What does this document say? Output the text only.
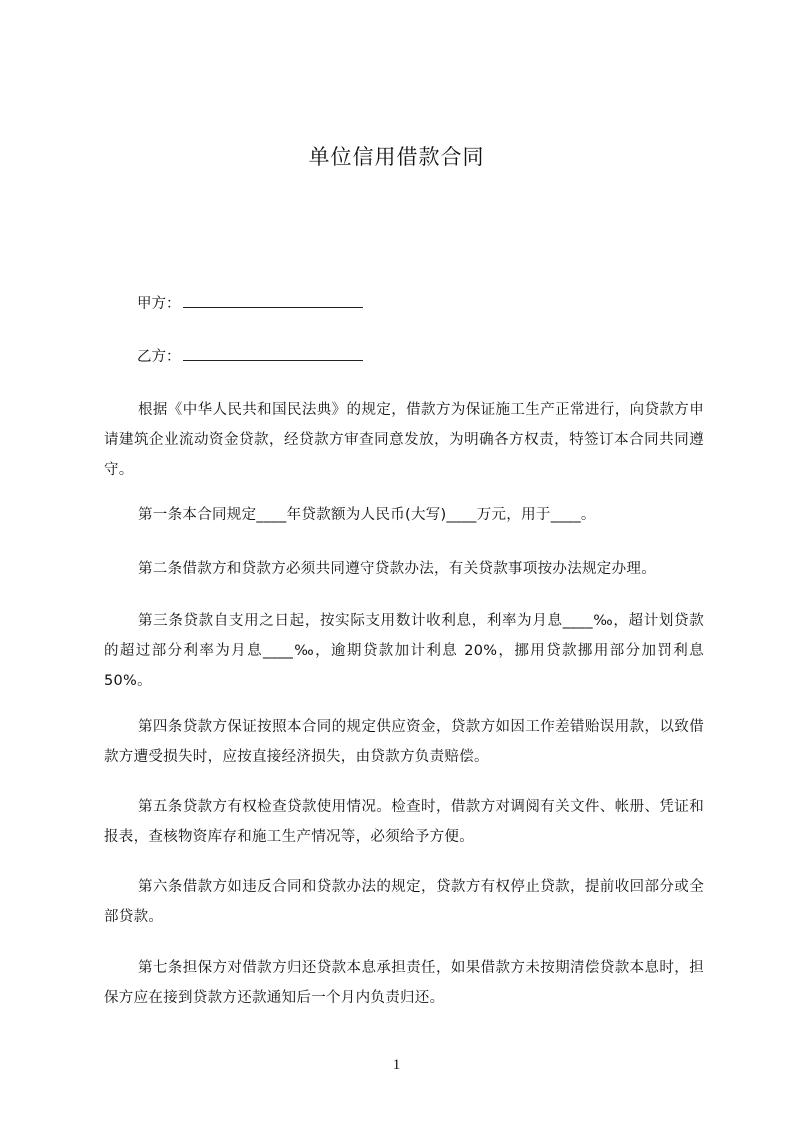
单位信用借款合同
甲方：
乙方：
根据《中华人民共和国民法典》的规定，借款方为保证施工生产正常进行，向贷款方申请建筑企业流动资金贷款，经贷款方审查同意发放，为明确各方权责，特签订本合同共同遵守。
第一条本合同规定____年贷款额为人民币(大写)____万元，用于____。
第二条借款方和贷款方必须共同遵守贷款办法，有关贷款事项按办法规定办理。
第三条贷款自支用之日起，按实际支用数计收利息，利率为月息____‰，超计划贷款的超过部分利率为月息____‰，逾期贷款加计利息 20%，挪用贷款挪用部分加罚利息 50%。
第四条贷款方保证按照本合同的规定供应资金，贷款方如因工作差错贻误用款，以致借款方遭受损失时，应按直接经济损失，由贷款方负责赔偿。
第五条贷款方有权检查贷款使用情况。检查时，借款方对调阅有关文件、帐册、凭证和报表，查核物资库存和施工生产情况等，必须给予方便。
第六条借款方如违反合同和贷款办法的规定，贷款方有权停止贷款，提前收回部分或全部贷款。
第七条担保方对借款方归还贷款本息承担责任，如果借款方未按期清偿贷款本息时，担保方应在接到贷款方还款通知后一个月内负责归还。
1
